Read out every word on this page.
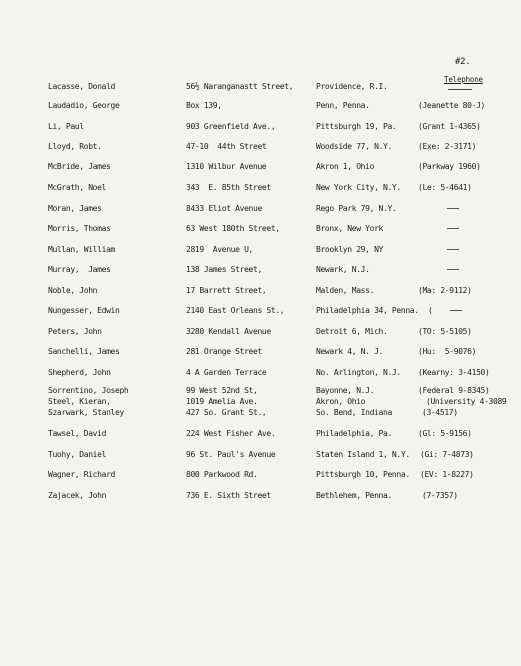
#2.
Telephone
Lacasse, Donald	56½ Naranganastt Street,	Providence, R.I.
Laudadio, George	Box 139,	Penn, Penna.	(Jeanette 80-J)
Li, Paul	903 Greenfield Ave.,	Pittsburgh 19, Pa.	(Grant 1-4365)
Lloyd, Robt.	47-10  44th Street	Woodside 77, N.Y.	(Exe: 2-3171)
McBride, James	1310 Wilbur Avenue	Akron 1, Ohio	(Parkway 1960)
McGrath, Noel	343  E. 85th Street	New York City, N.Y. (Le: 5-4641)
Moran, James	8433 Eliot Avenue	Rego Park 79, N.Y.
Morris, Thomas	63 West 180th Street,	Bronx, New York
Mullan, William	2819  Avenue U,	Brooklyn 29, NY
Murray,  James	138 James Street,	Newark, N.J.
Noble, John	17 Barrett Street,	Malden, Mass.	(Ma: 2-9112)
Nungesser, Edwin	2140 East Orleans St.,	Philadelphia 34, Penna. (
Peters, John	3280 Kendall Avenue	Detroit 6, Mich.	(TO: 5-5105)
Sanchelli, James	281 Orange Street	Newark 4, N. J.	(Hu:  5-9076)
Shepherd, John	4 A Garden Terrace	No. Arlington, N.J. (Kearny: 3-4150)
Sorrentino, Joseph	99 West 52nd St,	Bayonne, N.J.	(Federal 9-8345)
Steel, Kieran,	1019 Amelia Ave.	Akron, Ohio	(University 4-3089
Szarwark, Stanley	427 So. Grant St.,	So. Bend, Indiana	(3-4517)
Tawsel, David	224 West Fisher Ave.	Philadelphia, Pa.	(Gl: 5-9156)
Tuohy, Daniel	96 St. Paul's Avenue	Staten Island 1, N.Y. (Gi: 7-4873)
Wagner, Richard	800 Parkwood Rd.	Pittsburgh 10, Penna. (EV: 1-8227)
Zajacek, John	736 E. Sixth Street	Bethlehem, Penna.	(7-7357)
